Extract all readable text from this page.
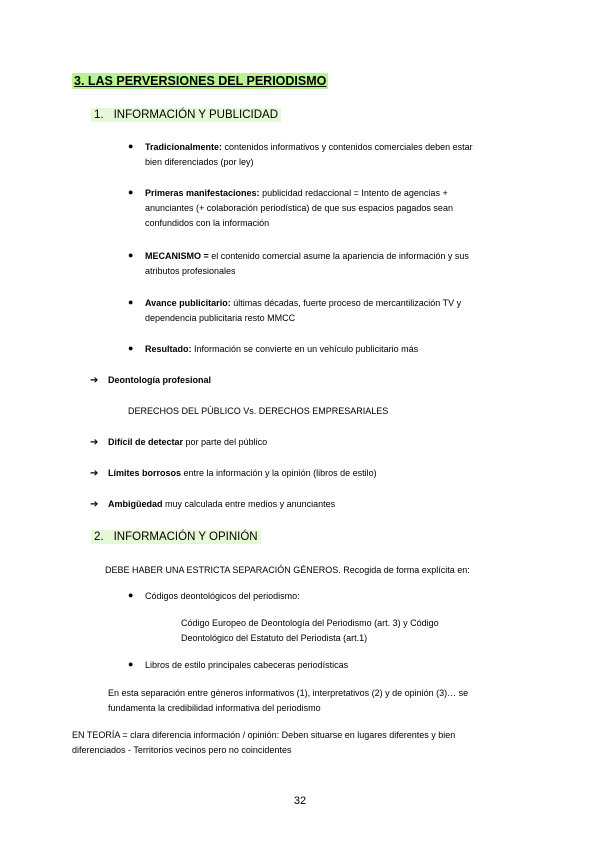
3. LAS PERVERSIONES DEL PERIODISMO
1. INFORMACIÓN Y PUBLICIDAD
● Tradicionalmente: contenidos informativos y contenidos comerciales deben estar
bien diferenciados (por ley)
● Primeras manifestaciones: publicidad redaccional = Intento de agencias +
anunciantes (+ colaboración periodística) de que sus espacios pagados sean
confundidos con la información
● MECANISMO = el contenido comercial asume la apariencia de información y sus
atributos profesionales
● Avance publicitario: últimas décadas, fuerte proceso de mercantilización TV y
dependencia publicitaria resto MMCC
● Resultado: Información se convierte en un vehículo publicitario más
➔ Deontología profesional
DERECHOS DEL PÚBLICO Vs. DERECHOS EMPRESARIALES
➔ Difícil de detectar por parte del público
➔ Límites borrosos entre la información y la opinión (libros de estilo)
➔ Ambigüedad muy calculada entre medios y anunciantes
2. INFORMACIÓN Y OPINIÓN
DEBE HABER UNA ESTRICTA SEPARACIÓN GÉNEROS. Recogida de forma explícita en:
● Códigos deontológicos del periodismo:
Código Europeo de Deontología del Periodismo (art. 3) y Código
Deontológico del Estatuto del Periodista (art.1)
● Libros de estilo principales cabeceras periodísticas
En esta separación entre géneros informativos (1), interpretativos (2) y de opinión (3)… se
fundamenta la credibilidad informativa del periodismo
EN TEORÍA = clara diferencia información / opinión: Deben situarse en lugares diferentes y bien
diferenciados - Territorios vecinos pero no coincidentes
32
